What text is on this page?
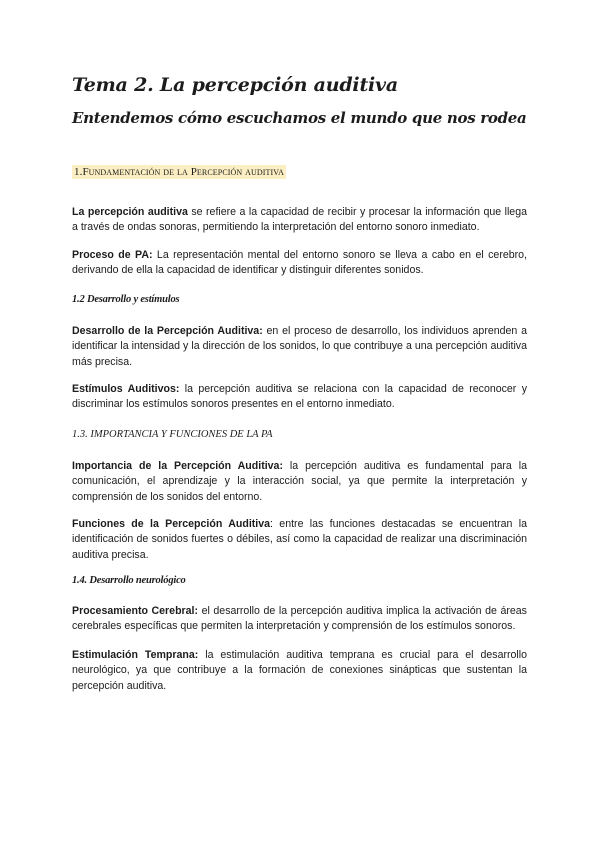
Tema 2. La percepción auditiva
Entendemos cómo escuchamos el mundo que nos rodea
1.Fundamentación de la Percepción auditiva

La percepción auditiva se refiere a la capacidad de recibir y procesar la información que llega a través de ondas sonoras, permitiendo la interpretación del entorno sonoro inmediato.

Proceso de PA: La representación mental del entorno sonoro se lleva a cabo en el cerebro, derivando de ella la capacidad de identificar y distinguir diferentes sonidos.

1.2 Desarrollo y estímulos

Desarrollo de la Percepción Auditiva: en el proceso de desarrollo, los individuos aprenden a identificar la intensidad y la dirección de los sonidos, lo que contribuye a una percepción auditiva más precisa.

Estímulos Auditivos: la percepción auditiva se relaciona con la capacidad de reconocer y discriminar los estímulos sonoros presentes en el entorno inmediato.

1.3. IMPORTANCIA Y FUNCIONES DE LA PA

Importancia de la Percepción Auditiva: la percepción auditiva es fundamental para la comunicación, el aprendizaje y la interacción social, ya que permite la interpretación y comprensión de los sonidos del entorno.

Funciones de la Percepción Auditiva: entre las funciones destacadas se encuentran la identificación de sonidos fuertes o débiles, así como la capacidad de realizar una discriminación auditiva precisa.

1.4. Desarrollo neurológico

Procesamiento Cerebral: el desarrollo de la percepción auditiva implica la activación de áreas cerebrales específicas que permiten la interpretación y comprensión de los estímulos sonoros.

Estimulación Temprana: la estimulación auditiva temprana es crucial para el desarrollo neurológico, ya que contribuye a la formación de conexiones sinápticas que sustentan la percepción auditiva.
